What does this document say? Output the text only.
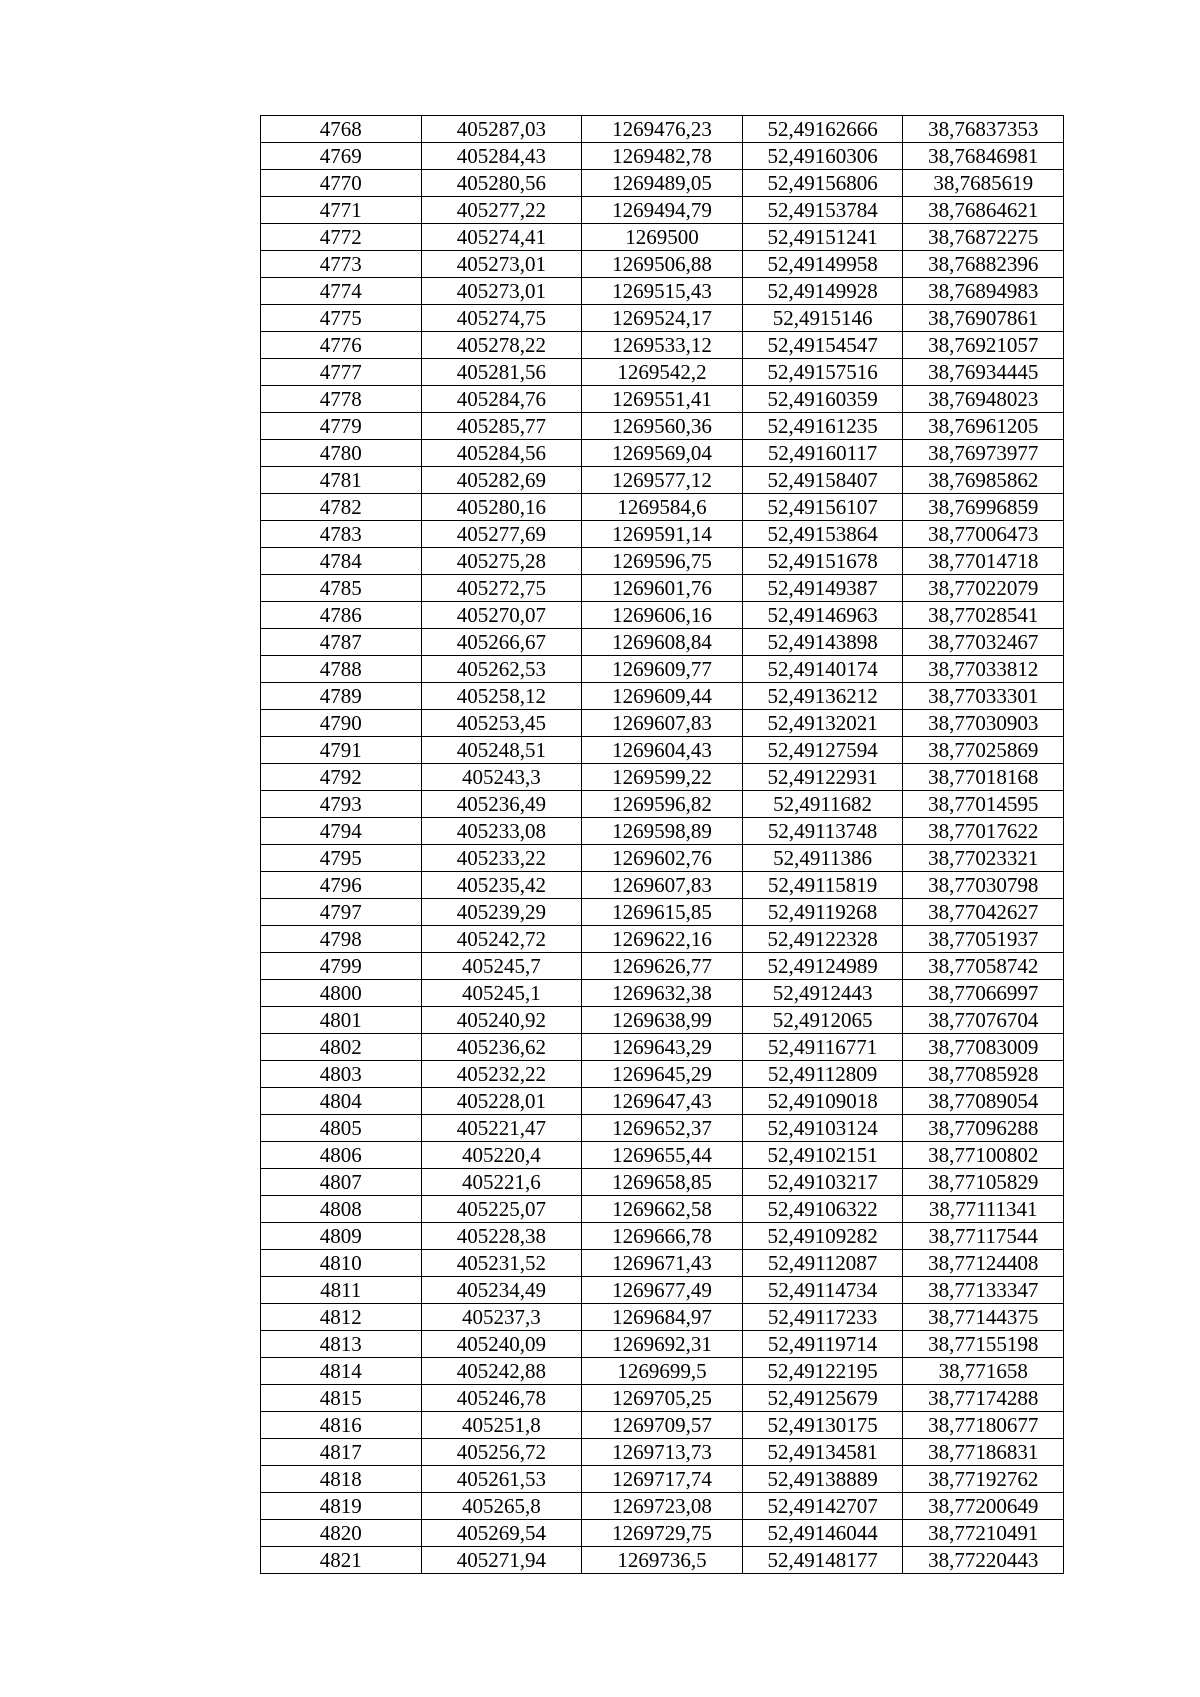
4768	405287,03	1269476,23	52,49162666	38,76837353
4769	405284,43	1269482,78	52,49160306	38,76846981
4770	405280,56	1269489,05	52,49156806	38,7685619
4771	405277,22	1269494,79	52,49153784	38,76864621
4772	405274,41	1269500	52,49151241	38,76872275
4773	405273,01	1269506,88	52,49149958	38,76882396
4774	405273,01	1269515,43	52,49149928	38,76894983
4775	405274,75	1269524,17	52,4915146	38,76907861
4776	405278,22	1269533,12	52,49154547	38,76921057
4777	405281,56	1269542,2	52,49157516	38,76934445
4778	405284,76	1269551,41	52,49160359	38,76948023
4779	405285,77	1269560,36	52,49161235	38,76961205
4780	405284,56	1269569,04	52,49160117	38,76973977
4781	405282,69	1269577,12	52,49158407	38,76985862
4782	405280,16	1269584,6	52,49156107	38,76996859
4783	405277,69	1269591,14	52,49153864	38,77006473
4784	405275,28	1269596,75	52,49151678	38,77014718
4785	405272,75	1269601,76	52,49149387	38,77022079
4786	405270,07	1269606,16	52,49146963	38,77028541
4787	405266,67	1269608,84	52,49143898	38,77032467
4788	405262,53	1269609,77	52,49140174	38,77033812
4789	405258,12	1269609,44	52,49136212	38,77033301
4790	405253,45	1269607,83	52,49132021	38,77030903
4791	405248,51	1269604,43	52,49127594	38,77025869
4792	405243,3	1269599,22	52,49122931	38,77018168
4793	405236,49	1269596,82	52,4911682	38,77014595
4794	405233,08	1269598,89	52,49113748	38,77017622
4795	405233,22	1269602,76	52,4911386	38,77023321
4796	405235,42	1269607,83	52,49115819	38,77030798
4797	405239,29	1269615,85	52,49119268	38,77042627
4798	405242,72	1269622,16	52,49122328	38,77051937
4799	405245,7	1269626,77	52,49124989	38,77058742
4800	405245,1	1269632,38	52,4912443	38,77066997
4801	405240,92	1269638,99	52,4912065	38,77076704
4802	405236,62	1269643,29	52,49116771	38,77083009
4803	405232,22	1269645,29	52,49112809	38,77085928
4804	405228,01	1269647,43	52,49109018	38,77089054
4805	405221,47	1269652,37	52,49103124	38,77096288
4806	405220,4	1269655,44	52,49102151	38,77100802
4807	405221,6	1269658,85	52,49103217	38,77105829
4808	405225,07	1269662,58	52,49106322	38,77111341
4809	405228,38	1269666,78	52,49109282	38,77117544
4810	405231,52	1269671,43	52,49112087	38,77124408
4811	405234,49	1269677,49	52,49114734	38,77133347
4812	405237,3	1269684,97	52,49117233	38,77144375
4813	405240,09	1269692,31	52,49119714	38,77155198
4814	405242,88	1269699,5	52,49122195	38,771658
4815	405246,78	1269705,25	52,49125679	38,77174288
4816	405251,8	1269709,57	52,49130175	38,77180677
4817	405256,72	1269713,73	52,49134581	38,77186831
4818	405261,53	1269717,74	52,49138889	38,77192762
4819	405265,8	1269723,08	52,49142707	38,77200649
4820	405269,54	1269729,75	52,49146044	38,77210491
4821	405271,94	1269736,5	52,49148177	38,77220443
